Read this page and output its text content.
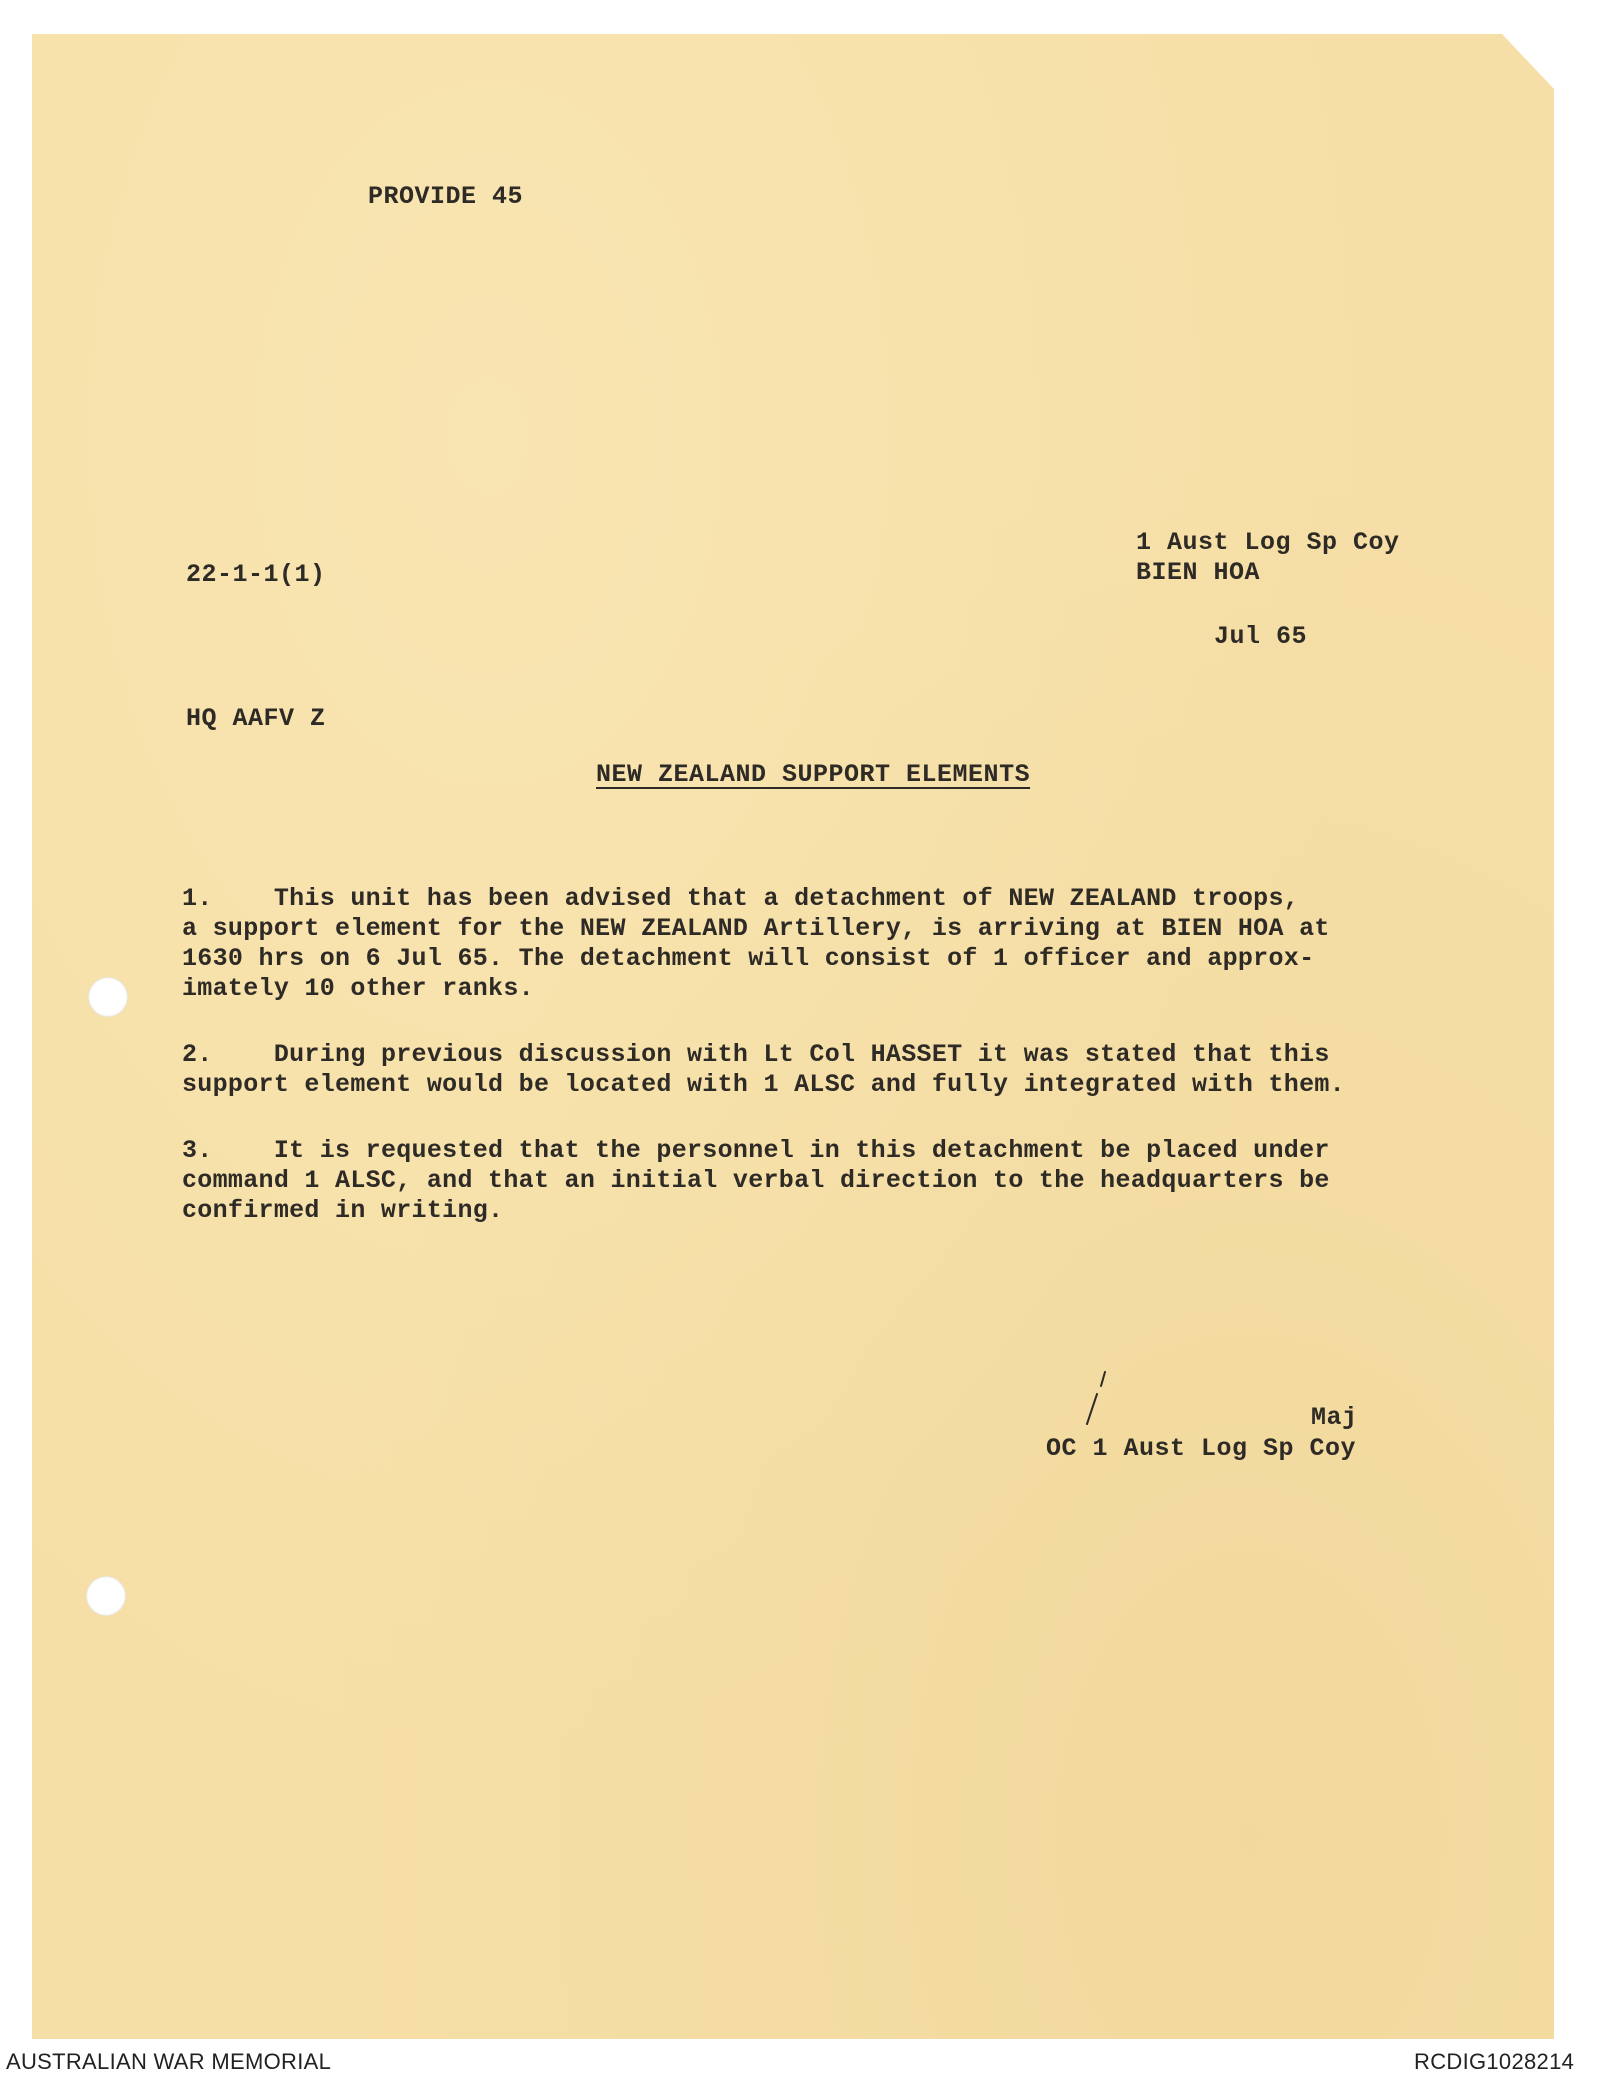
PROVIDE 45
1 Aust Log Sp Coy
BIEN HOA
22-1-1(1)
Jul 65
HQ AAFV Z
NEW ZEALAND SUPPORT ELEMENTS
1. This unit has been advised that a detachment of NEW ZEALAND troops,
a support element for the NEW ZEALAND Artillery, is arriving at BIEN HOA at
1630 hrs on 6 Jul 65. The detachment will consist of 1 officer and approx-
imately 10 other ranks.
2. During previous discussion with Lt Col HASSET it was stated that this
support element would be located with 1 ALSC and fully integrated with them.
3. It is requested that the personnel in this detachment be placed under
command 1 ALSC, and that an initial verbal direction to the headquarters be
confirmed in writing.
Maj
OC 1 Aust Log Sp Coy
AUSTRALIAN WAR MEMORIAL	RCDIG1028214
